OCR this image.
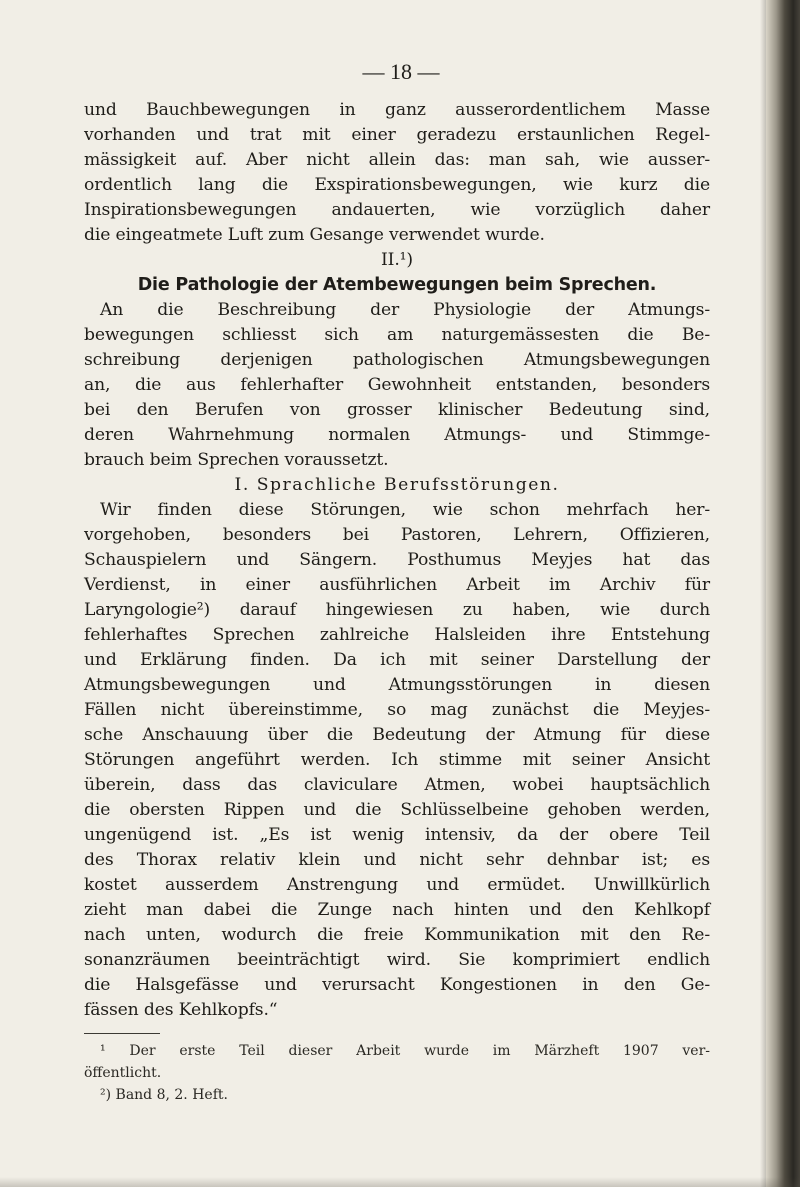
— 18 —
und Bauchbewegungen in ganz ausserordentlichem Masse
vorhanden und trat mit einer geradezu erstaunlichen Regel-
mässigkeit auf. Aber nicht allein das: man sah, wie ausser-
ordentlich lang die Exspirationsbewegungen, wie kurz die
Inspirationsbewegungen andauerten, wie vorzüglich daher
die eingeatmete Luft zum Gesange verwendet wurde.
II.¹)
Die Pathologie der Atembewegungen beim Sprechen.
An die Beschreibung der Physiologie der Atmungs-
bewegungen schliesst sich am naturgemässesten die Be-
schreibung derjenigen pathologischen Atmungsbewegungen
an, die aus fehlerhafter Gewohnheit entstanden, besonders
bei den Berufen von grosser klinischer Bedeutung sind,
deren Wahrnehmung normalen Atmungs- und Stimmge-
brauch beim Sprechen voraussetzt.
I. Sprachliche Berufsstörungen.
Wir finden diese Störungen, wie schon mehrfach her-
vorgehoben, besonders bei Pastoren, Lehrern, Offizieren,
Schauspielern und Sängern. Posthumus Meyjes hat das
Verdienst, in einer ausführlichen Arbeit im Archiv für
Laryngologie²) darauf hingewiesen zu haben, wie durch
fehlerhaftes Sprechen zahlreiche Halsleiden ihre Entstehung
und Erklärung finden. Da ich mit seiner Darstellung der
Atmungsbewegungen und Atmungsstörungen in diesen
Fällen nicht übereinstimme, so mag zunächst die Meyjes-
sche Anschauung über die Bedeutung der Atmung für diese
Störungen angeführt werden. Ich stimme mit seiner Ansicht
überein, dass das claviculare Atmen, wobei hauptsächlich
die obersten Rippen und die Schlüsselbeine gehoben werden,
ungenügend ist. „Es ist wenig intensiv, da der obere Teil
des Thorax relativ klein und nicht sehr dehnbar ist; es
kostet ausserdem Anstrengung und ermüdet. Unwillkürlich
zieht man dabei die Zunge nach hinten und den Kehlkopf
nach unten, wodurch die freie Kommunikation mit den Re-
sonanzräumen beeinträchtigt wird. Sie komprimiert endlich
die Halsgefässe und verursacht Kongestionen in den Ge-
fässen des Kehlkopfs.“
¹ Der erste Teil dieser Arbeit wurde im Märzheft 1907 ver-
öffentlicht.
²) Band 8, 2. Heft.
